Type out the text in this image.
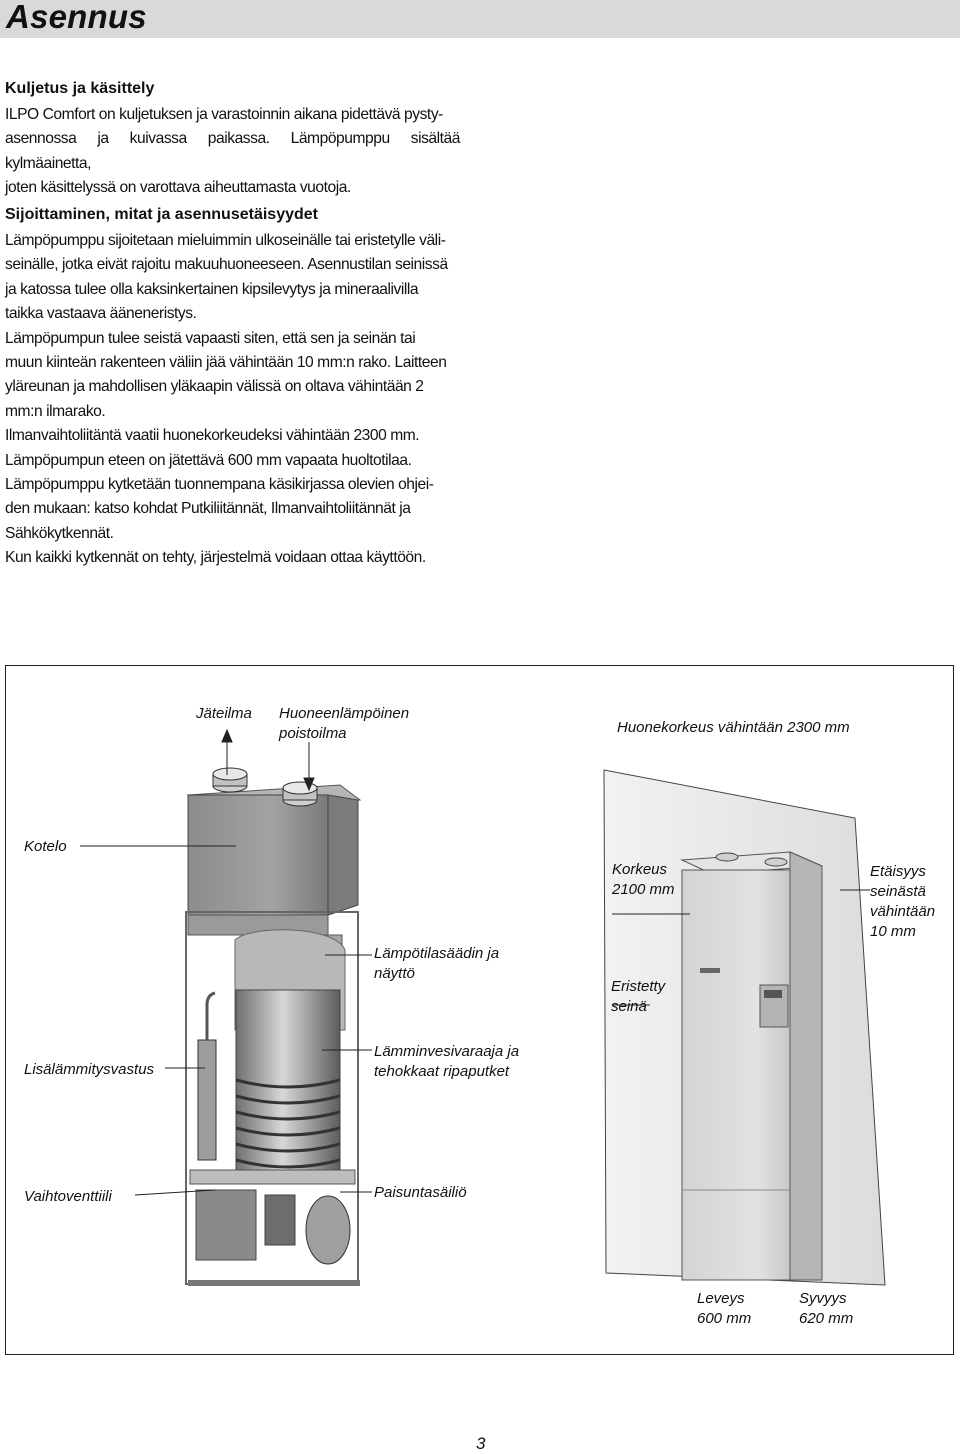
Asennus
Kuljetus ja käsittely

ILPO Comfort on kuljetuksen ja varastoinnin aikana pidettävä pysty-

asennossa ja kuivassa paikassa. Lämpöpumppu sisältää kylmäainetta,

joten käsittelyssä on varottava aiheuttamasta vuotoja.

Sijoittaminen, mitat ja asennusetäisyydet

Lämpöpumppu sijoitetaan mieluimmin ulkoseinälle tai eristetylle väli-

seinälle, jotka eivät rajoitu makuuhuoneeseen. Asennustilan seinissä

ja katossa tulee olla kaksinkertainen kipsilevytys ja mineraalivilla

taikka vastaava ääneneristys.

Lämpöpumpun tulee seistä vapaasti siten, että sen ja seinän tai

muun kiinteän rakenteen väliin jää vähintään 10 mm:n rako. Laitteen

yläreunan ja mahdollisen yläkaapin välissä on oltava vähintään 2

mm:n ilmarako.

Ilmanvaihtoliitäntä vaatii huonekorkeudeksi vähintään 2300 mm.

Lämpöpumpun eteen on jätettävä 600 mm vapaata huoltotilaa.

Lämpöpumppu kytketään tuonnempana käsikirjassa olevien ohjei-

den mukaan: katso kohdat Putkiliitännät, Ilmanvaihtoliitännät ja

Sähkökytkennät.

Kun kaikki kytkennät on tehty, järjestelmä voidaan ottaa käyttöön.

Jäteilma Huoneenlämpöinen
poistoilma	Huonekorkeus vähintään 2300 mm
Kotelo
Korkeus
2100 mm
Etäisyys
seinästä
vähintään
10 mm
Lämpötilasäädin ja
näyttö
Eristetty
seinä
Lisälämmitysvastus
Lämminvesivaraaja ja
tehokkaat ripaputket
Vaihtoventtiili	Paisuntasäiliö
Leveys
600 mm
Syvyys
620 mm
3
